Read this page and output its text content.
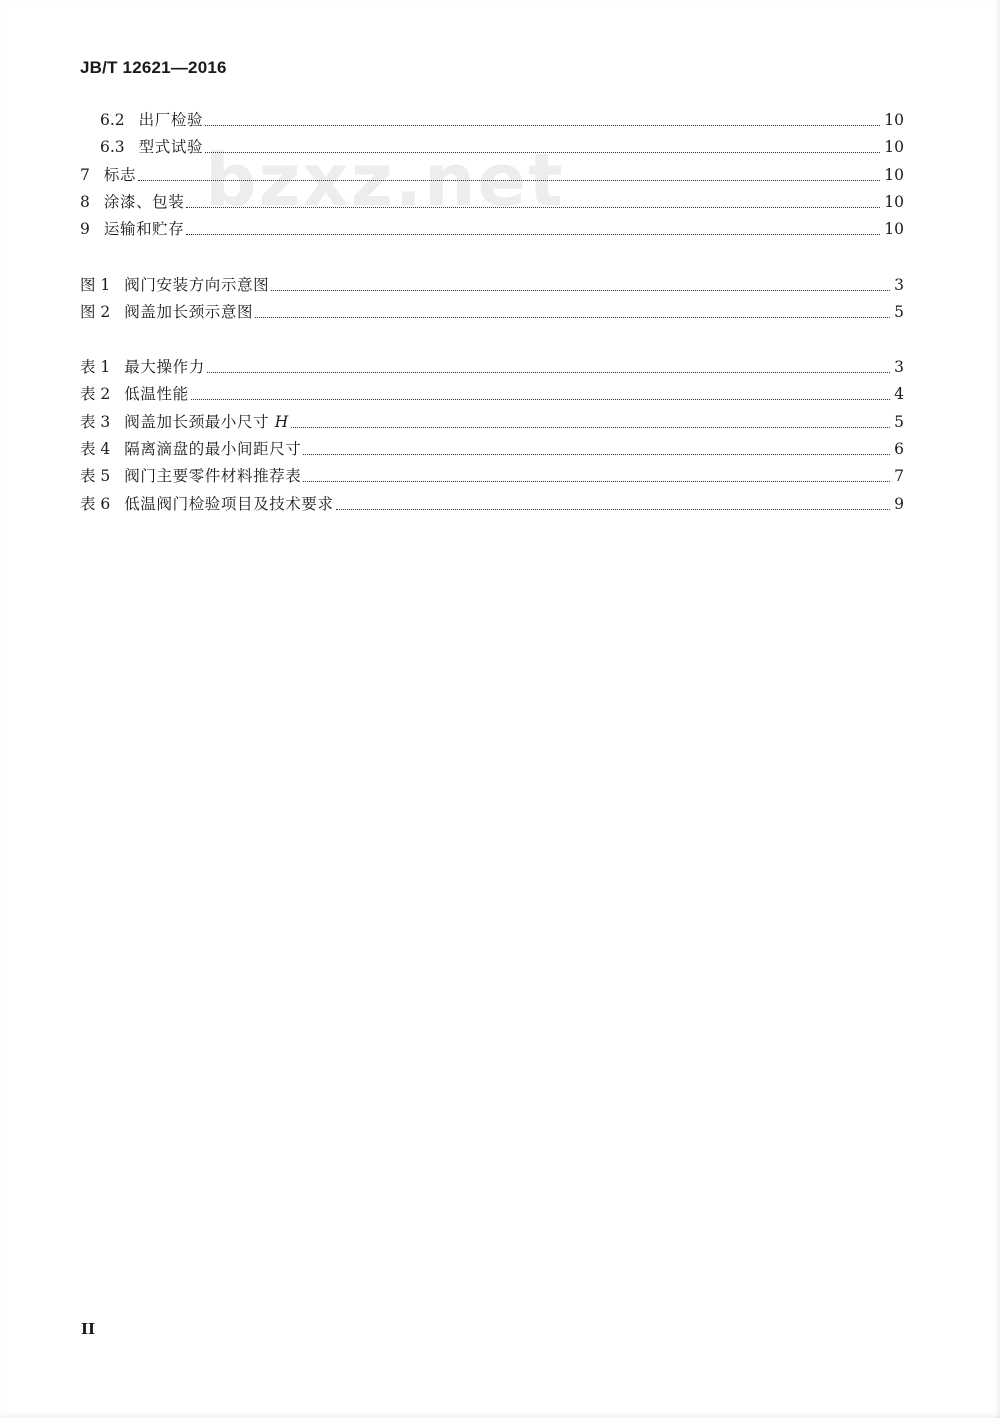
JB/T 12621—2016
bzxz.net
6.2 出厂检验	10
6.3 型式试验	10
7 标志	10
8 涂漆、包装	10
9 运输和贮存	10
图 1 阀门安装方向示意图	3
图 2 阀盖加长颈示意图	5
表 1 最大操作力	3
表 2 低温性能	4
表 3 阀盖加长颈最小尺寸 H	5
表 4 隔离滴盘的最小间距尺寸	6
表 5 阀门主要零件材料推荐表	7
表 6 低温阀门检验项目及技术要求	9
II
